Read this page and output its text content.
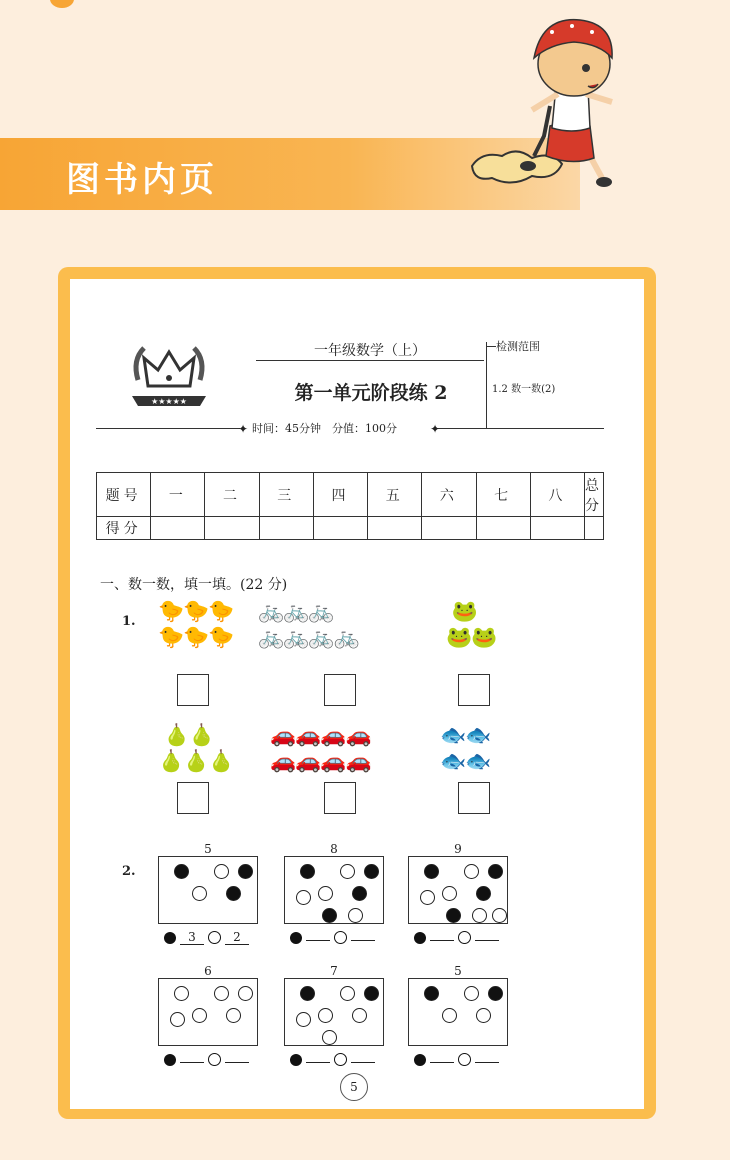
图书内页
★★★★★
一年级数学（上）
第一单元阶段练 2
检测范围
1.2 数一数(2)
✦	✦
时间：45分钟　分值：100分
题号	一	二	三	四	五	六	七	八	总分
得分									
一、数一数，填一填。(22 分)
1. 🐤🐤🐤
🐤🐤🐤
🚲🚲🚲
🚲🚲🚲🚲
🐸
🐸🐸
🍐🍐
🍐🍐🍐
🚗🚗🚗🚗
🚗🚗🚗🚗
🐟🐟
🐟🐟
2.
5
3	2
8	9
6	7	5
5
